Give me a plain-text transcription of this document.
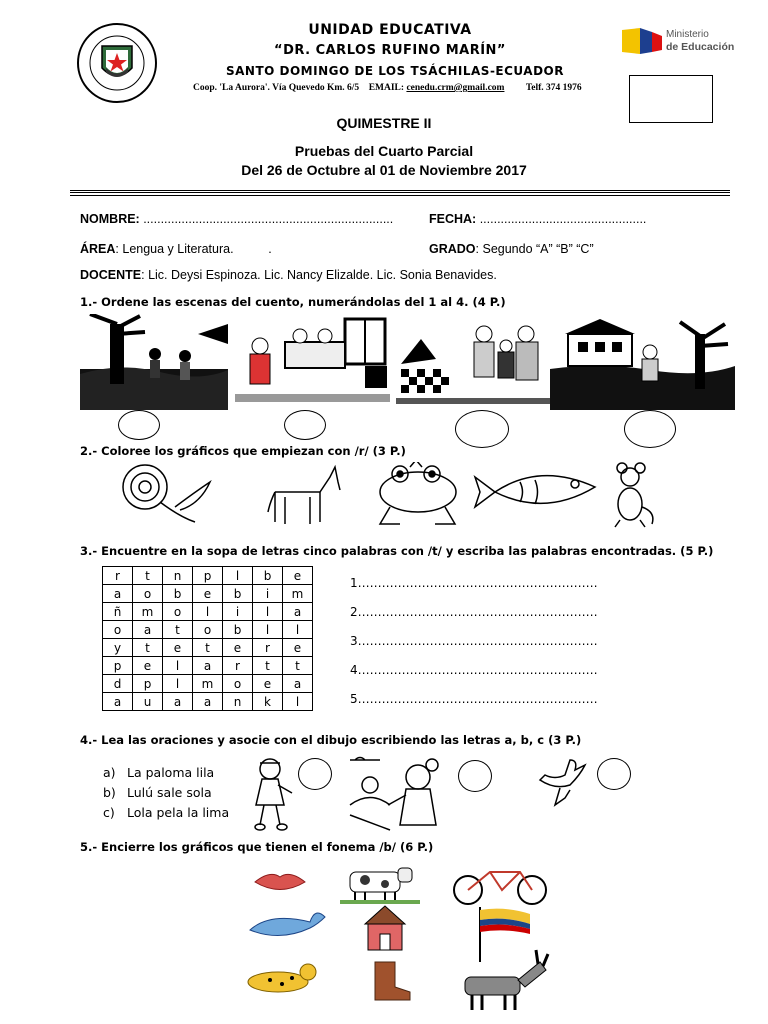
UNIDAD EDUCATIVA
“DR. CARLOS RUFINO MARÍN”
SANTO DOMINGO DE LOS TSÁCHILAS-ECUADOR
Coop. 'La Aurora'. Vía Quevedo Km. 6/5 EMAIL: cenedu.crm@gmail.com Telf. 374 1976
Ministerio
de Educación
QUIMESTRE II
Pruebas del Cuarto Parcial
Del 26 de Octubre al 01 de Noviembre 2017
NOMBRE: ........................................................................	FECHA: ................................................
ÁREA: Lengua y Literatura.          .	GRADO: Segundo “A” “B” “C”
DOCENTE: Lic. Deysi Espinoza. Lic. Nancy Elizalde. Lic. Sonia Benavides.
1.- Ordene las escenas del cuento, numerándolas del 1 al 4. (4 P.)
2.- Coloree los gráficos que empiezan con /r/ (3 P.)
3.- Encuentre en la sopa de letras cinco palabras con /t/ y escriba las palabras encontradas. (5 P.)
r	t	n	p	l	b	e
a	o	b	e	b	i	m
ñ	m	o	l	i	l	a
o	a	t	o	b	l	l
y	t	e	t	e	r	e
p	e	l	a	r	t	t
d	p	l	m	o	e	a
a	u	a	a	n	k	l
1……………………………………………………
2……………………………………………………
3……………………………………………………
4……………………………………………………
5……………………………………………………
4.- Lea las oraciones y asocie con el dibujo escribiendo las letras a, b, c (3 P.)
a) La paloma lila
b) Lulú sale sola
c) Lola pela la lima
5.- Encierre los gráficos que tienen el fonema /b/ (6 P.)
